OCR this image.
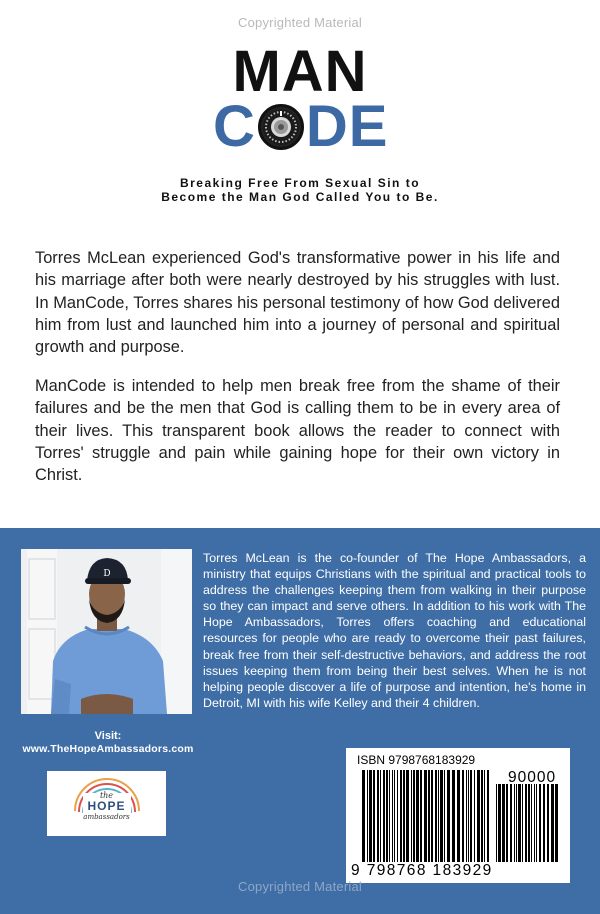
Copyrighted Material
MAN
C DE
Breaking Free From Sexual Sin to Become the Man God Called You to Be.
Torres McLean experienced God's transformative power in his life and his marriage after both were nearly destroyed by his struggles with lust. In ManCode, Torres shares his personal testimony of how God delivered him from lust and launched him into a journey of personal and spiritual growth and purpose.
ManCode is intended to help men break free from the shame of their failures and be the men that God is calling them to be in every area of their lives. This transparent book allows the reader to connect with Torres' struggle and pain while gaining hope for their own victory in Christ.
D
Torres McLean is the co-founder of The Hope Ambassadors, a ministry that equips Christians with the spiritual and practical tools to address the challenges keeping them from walking in their purpose so they can impact and serve others. In addition to his work with The Hope Ambassadors, Torres offers coaching and educational resources for people who are ready to overcome their past failures, break free from their self-destructive behaviors, and address the root issues keeping them from being their best selves. When he is not helping people discover a life of purpose and intention, he's home in Detroit, MI with his wife Kelley and their 4 children.
Visit:
www.TheHopeAmbassadors.com
the
HOPE
ambassadors
ISBN 9798768183929
90000
9 798768 183929
Copyrighted Material
